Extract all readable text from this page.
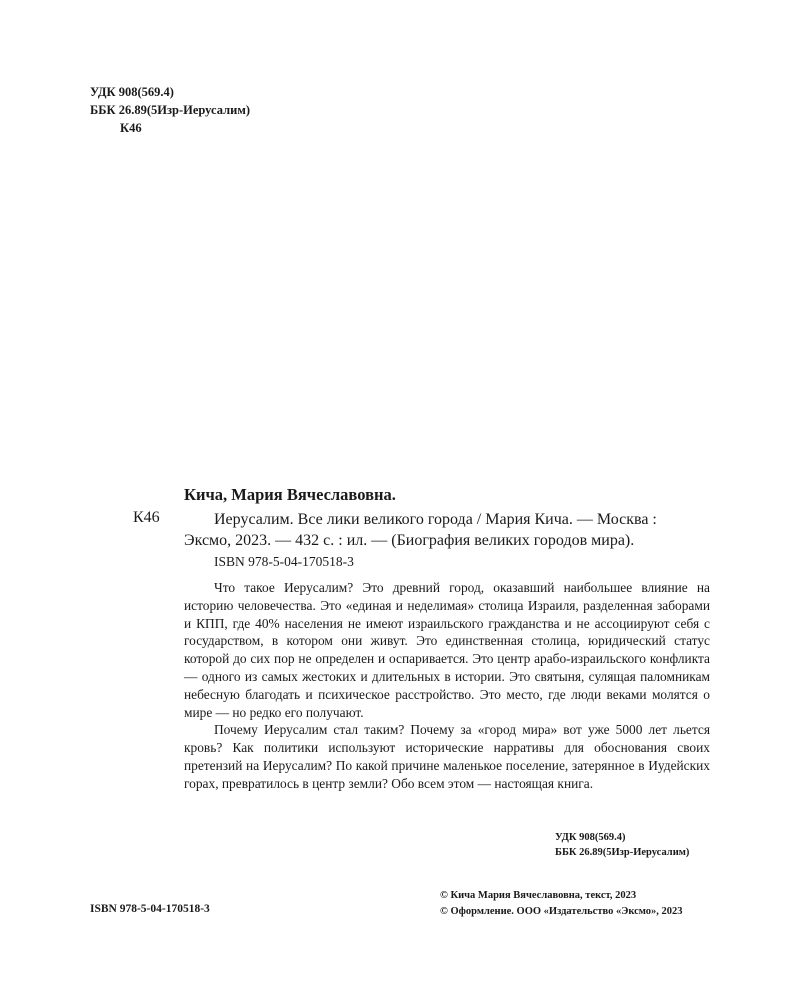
УДК 908(569.4)
ББК 26.89(5Изр-Иерусалим)
К46
Кича, Мария Вячеславовна.
К46	Иерусалим. Все лики великого города / Мария Кича. — Москва :
Эксмо, 2023. — 432 с. : ил. — (Биография великих городов мира).
ISBN 978-5-04-170518-3

Что такое Иерусалим? Это древний город, оказавший наибольшее влияние на историю человечества. Это «единая и неделимая» столица Израиля, разделенная заборами и КПП, где 40% населения не имеют израильского гражданства и не ассоциируют себя с государством, в котором они живут. Это единственная столица, юридический статус которой до сих пор не определен и оспаривается. Это центр арабо-израильского конфликта — одного из самых жестоких и длительных в истории. Это святыня, сулящая паломникам небесную благодать и психическое расстройство. Это место, где люди веками молятся о мире — но редко его получают.

Почему Иерусалим стал таким? Почему за «город мира» вот уже 5000 лет льется кровь? Как политики используют исторические нарративы для обоснования своих претензий на Иерусалим? По какой причине маленькое поселение, затерянное в Иудейских горах, превратилось в центр земли? Обо всем этом — настоящая книга.

УДК 908(569.4)
ББК 26.89(5Изр-Иерусалим)
ISBN 978-5-04-170518-3
© Кича Мария Вячеславовна, текст, 2023
© Оформление. ООО «Издательство «Эксмо», 2023
